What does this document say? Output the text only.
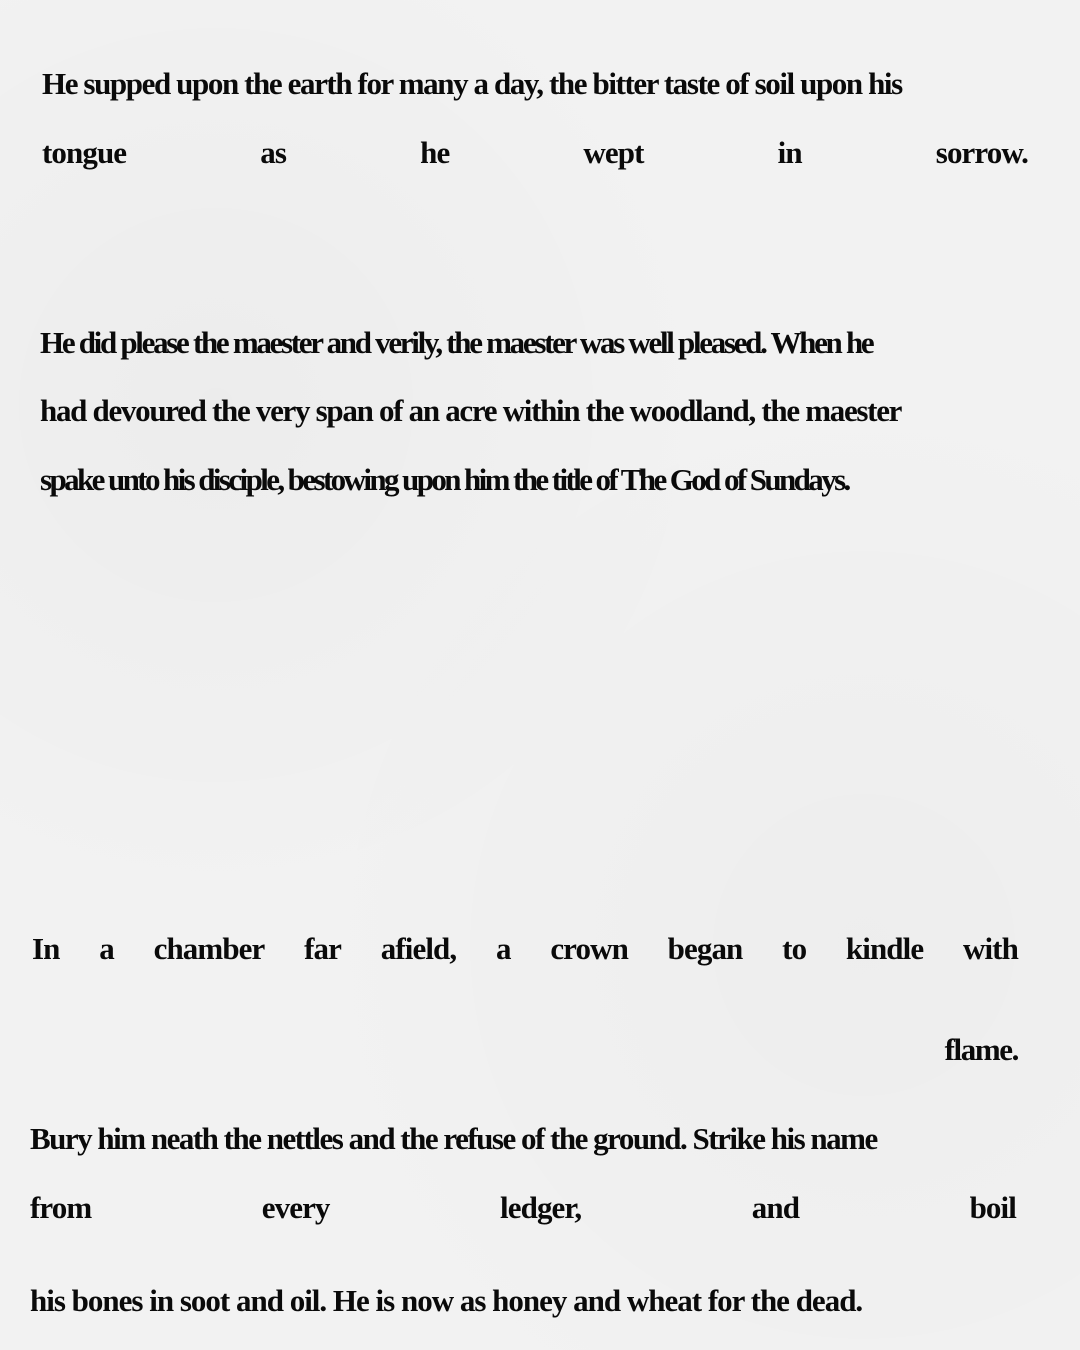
He supped upon the earth for many a day, the bitter taste of soil upon his
tongue	as	he	wept	in	sorrow.
He did please the maester and verily, the maester was well pleased. When he
had devoured the very span of an acre within the woodland, the maester
spake unto his disciple, bestowing upon him the title of The God of Sundays.
In a chamber far afield, a crown began to kindle with
flame.
Bury him neath the nettles and the refuse of the ground. Strike his name
from	every	ledger,	and	boil
his bones in soot and oil. He is now as honey and wheat for the dead.
